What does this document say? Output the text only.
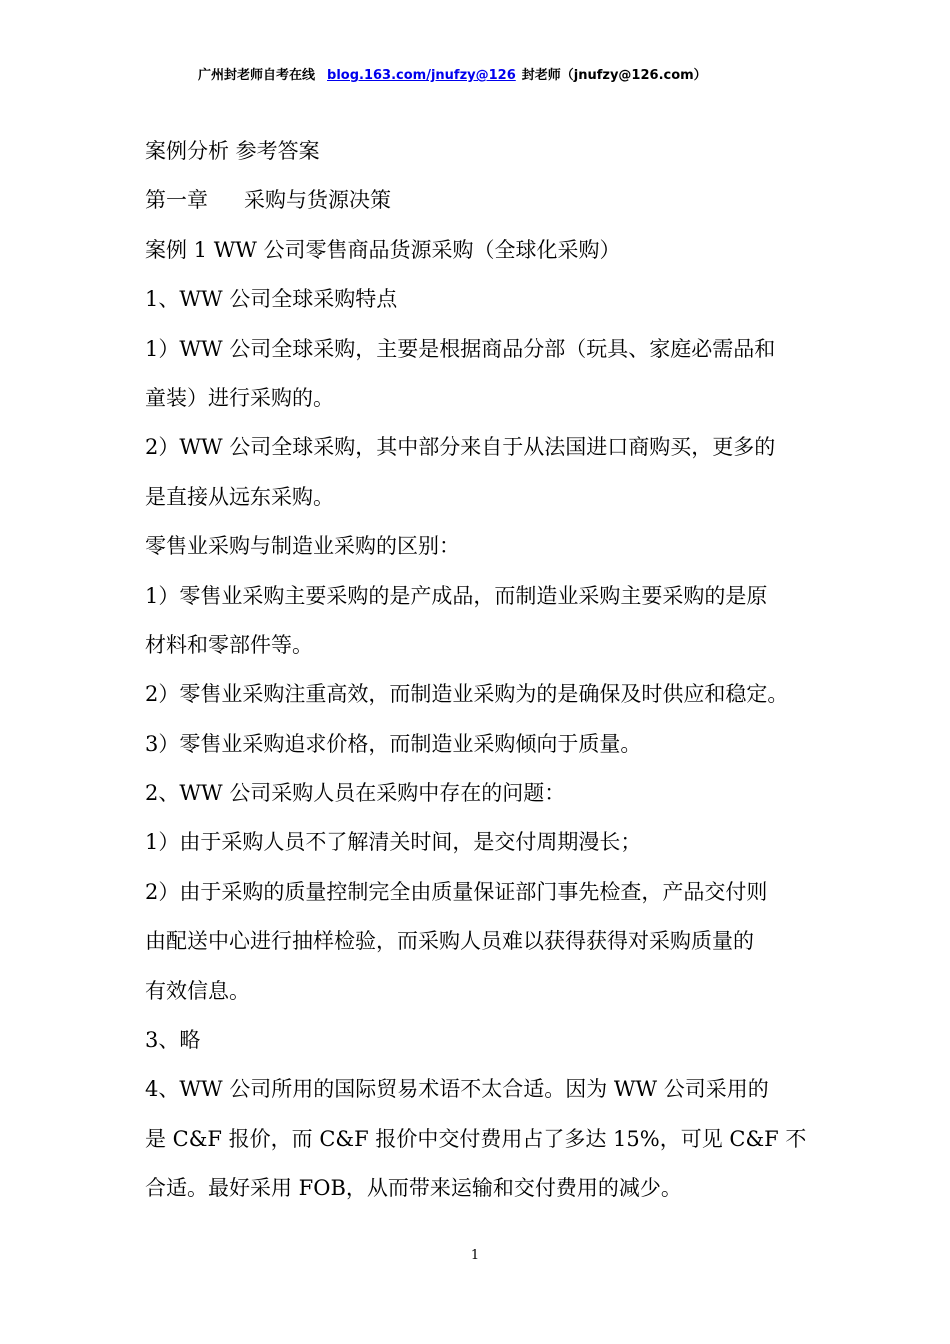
广州封老师自考在线 blog.163.com/jnufzy@126 封老师（jnufzy@126.com）
案例分析 参考答案
第一章 采购与货源决策
案例 1 WW 公司零售商品货源采购（全球化采购）
1、WW 公司全球采购特点
1）WW 公司全球采购，主要是根据商品分部（玩具、家庭必需品和
童装）进行采购的。
2）WW 公司全球采购，其中部分来自于从法国进口商购买，更多的
是直接从远东采购。
零售业采购与制造业采购的区别：
1）零售业采购主要采购的是产成品，而制造业采购主要采购的是原
材料和零部件等。
2）零售业采购注重高效，而制造业采购为的是确保及时供应和稳定。
3）零售业采购追求价格，而制造业采购倾向于质量。
2、WW 公司采购人员在采购中存在的问题：
1）由于采购人员不了解清关时间，是交付周期漫长；
2）由于采购的质量控制完全由质量保证部门事先检查，产品交付则
由配送中心进行抽样检验，而采购人员难以获得获得对采购质量的
有效信息。
3、略
4、WW 公司所用的国际贸易术语不太合适。因为 WW 公司采用的
是 C&F 报价，而 C&F 报价中交付费用占了多达 15%，可见 C&F 不
合适。最好采用 FOB，从而带来运输和交付费用的减少。
1
